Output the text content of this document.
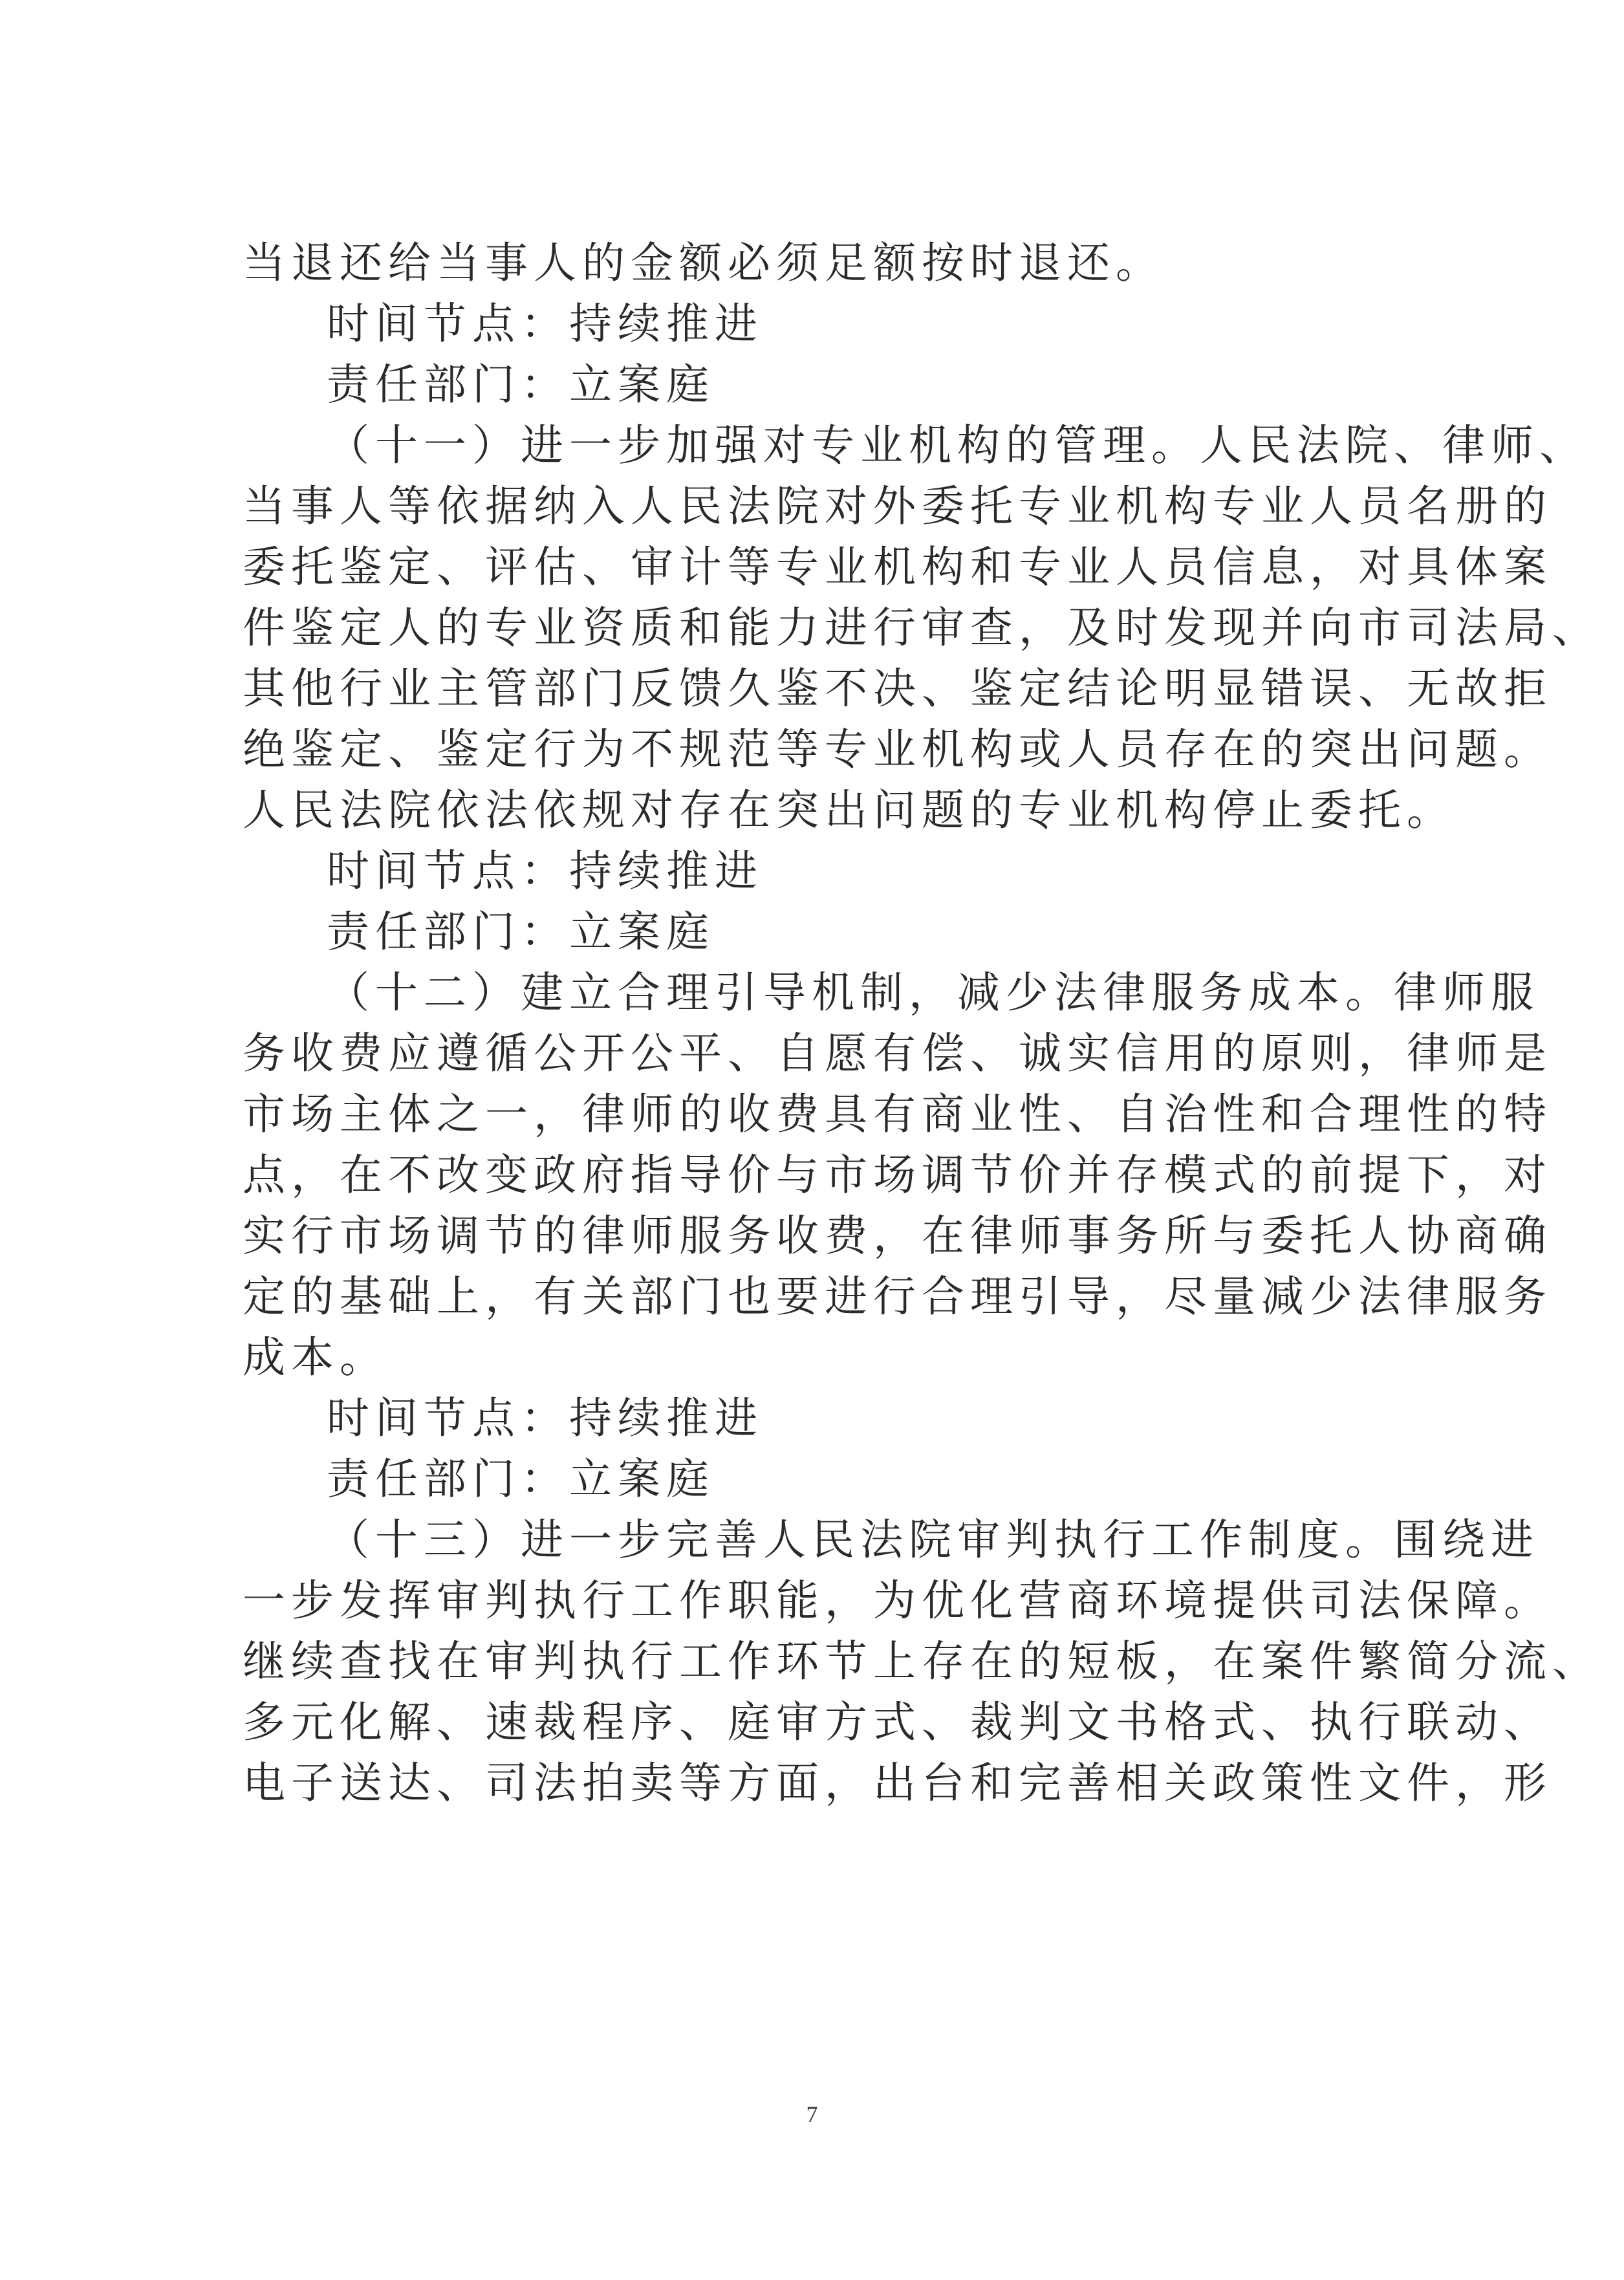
当退还给当事人的金额必须足额按时退还。
时间节点：持续推进
责任部门：立案庭
（十一）进一步加强对专业机构的管理。人民法院、律师、
当事人等依据纳入人民法院对外委托专业机构专业人员名册的
委托鉴定、评估、审计等专业机构和专业人员信息，对具体案
件鉴定人的专业资质和能力进行审查，及时发现并向市司法局、
其他行业主管部门反馈久鉴不决、鉴定结论明显错误、无故拒
绝鉴定、鉴定行为不规范等专业机构或人员存在的突出问题。
人民法院依法依规对存在突出问题的专业机构停止委托。
时间节点：持续推进
责任部门：立案庭
（十二）建立合理引导机制，减少法律服务成本。律师服
务收费应遵循公开公平、自愿有偿、诚实信用的原则，律师是
市场主体之一，律师的收费具有商业性、自治性和合理性的特
点，在不改变政府指导价与市场调节价并存模式的前提下，对
实行市场调节的律师服务收费，在律师事务所与委托人协商确
定的基础上，有关部门也要进行合理引导，尽量减少法律服务
成本。
时间节点：持续推进
责任部门：立案庭
（十三）进一步完善人民法院审判执行工作制度。围绕进
一步发挥审判执行工作职能，为优化营商环境提供司法保障。
继续查找在审判执行工作环节上存在的短板，在案件繁简分流、
多元化解、速裁程序、庭审方式、裁判文书格式、执行联动、
电子送达、司法拍卖等方面，出台和完善相关政策性文件，形
7
